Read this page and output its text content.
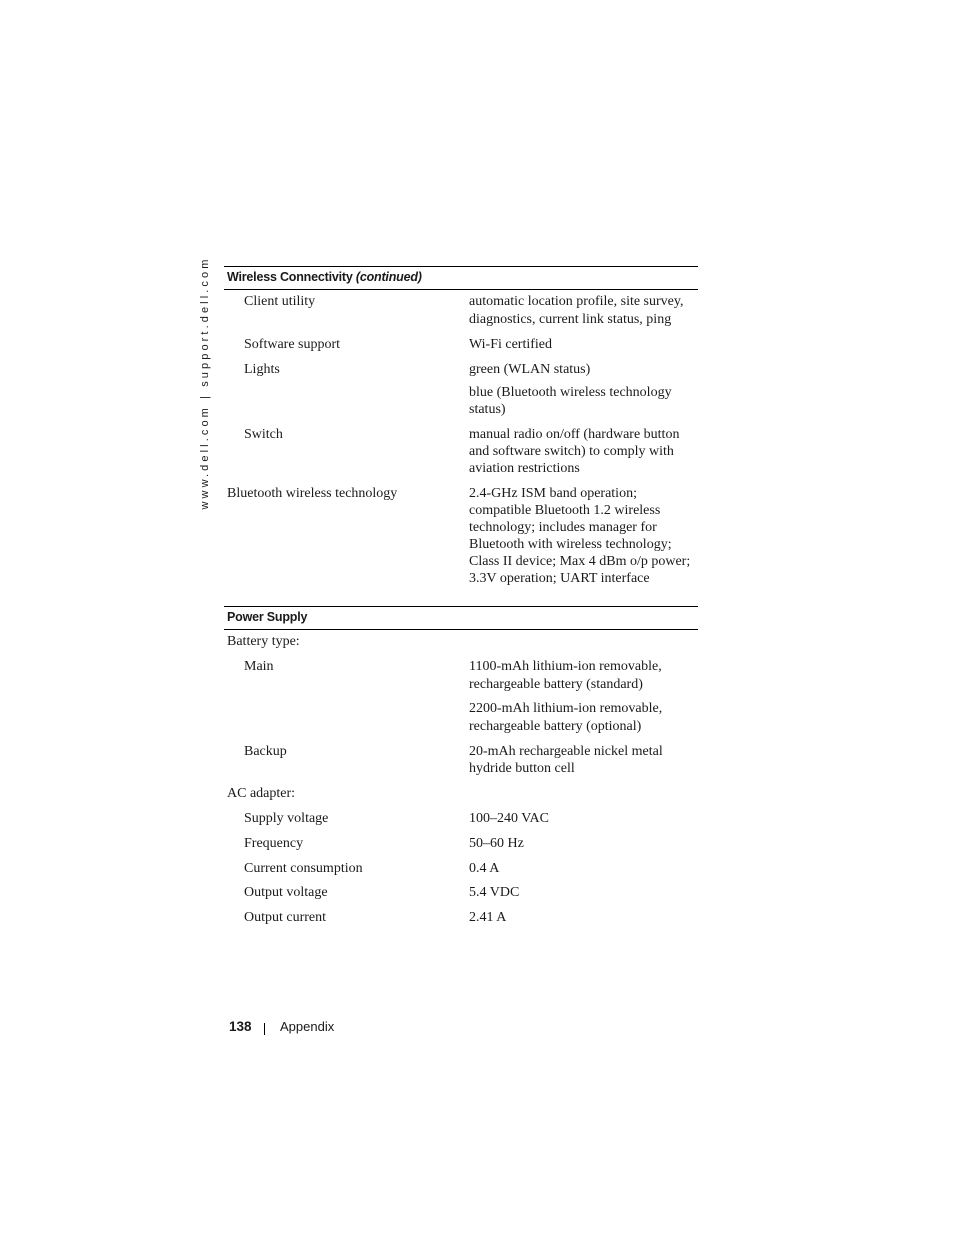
www.dell.com | support.dell.com Wireless Connectivity (continued)
Client utility	automatic location profile, site survey,
diagnostics, current link status, ping
Software support	Wi-Fi certified
Lights	green (WLAN status)
blue (Bluetooth wireless technology
status)
Switch	manual radio on/off (hardware button
and software switch) to comply with
aviation restrictions
Bluetooth wireless technology	2.4-GHz ISM band operation;
compatible Bluetooth 1.2 wireless
technology; includes manager for
Bluetooth with wireless technology;
Class II device; Max 4 dBm o/p power;
3.3V operation; UART interface
Power Supply
Battery type:
Main	1100-mAh lithium-ion removable,
rechargeable battery (standard)
2200-mAh lithium-ion removable,
rechargeable battery (optional)
Backup	20-mAh rechargeable nickel metal
hydride button cell
AC adapter:
Supply voltage	100–240 VAC
Frequency	50–60 Hz
Current consumption	0.4 A
Output voltage	5.4 VDC
Output current	2.41 A
138 Appendix
